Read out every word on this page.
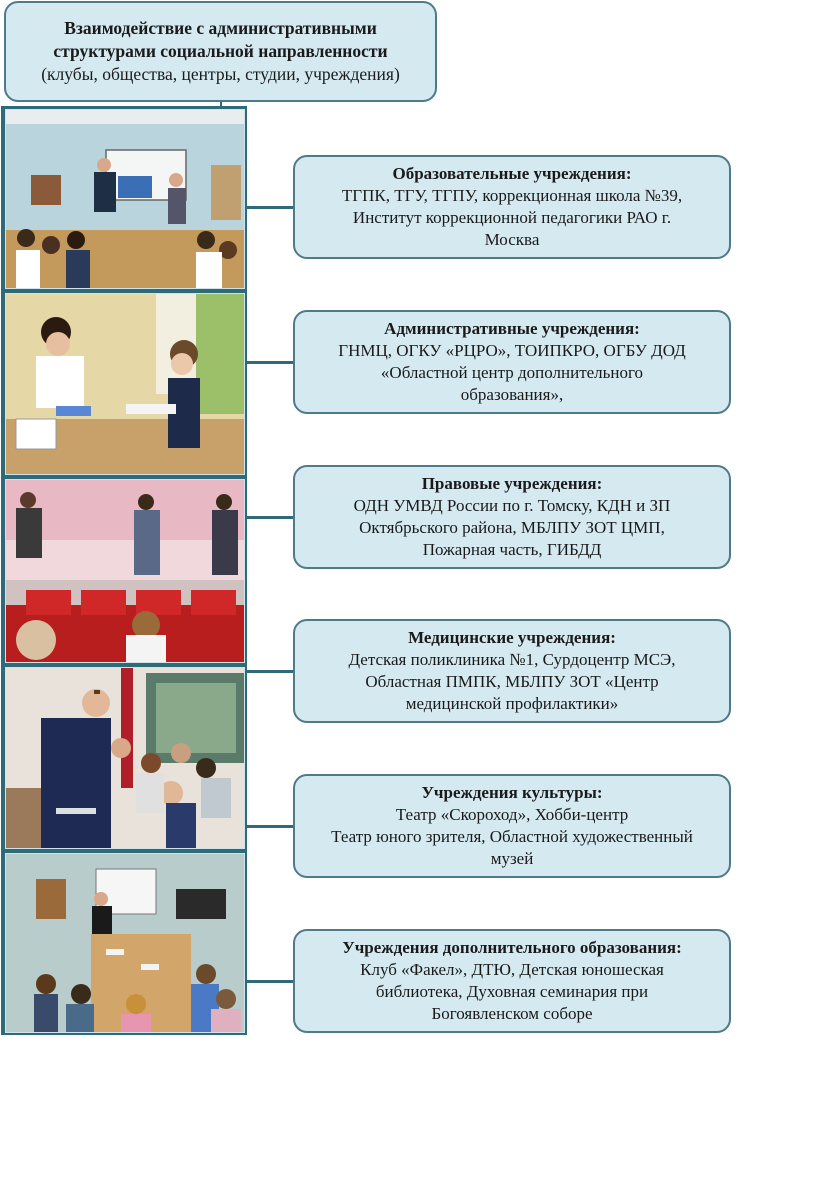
Взаимодействие с административными
структурами социальной направленности
(клубы, общества, центры, студии, учреждения)
Образовательные учреждения:
ТГПК, ТГУ, ТГПУ, коррекционная школа №39,
Институт коррекционной педагогики РАО г.
Москва
Административные учреждения:
ГНМЦ, ОГКУ «РЦРО», ТОИПКРО, ОГБУ ДОД
«Областной центр дополнительного
образования»,
Правовые учреждения:
ОДН УМВД России по г. Томску, КДН и ЗП
Октябрьского района, МБЛПУ ЗОТ ЦМП,
Пожарная часть, ГИБДД
Медицинские учреждения:
Детская поликлиника №1, Сурдоцентр МСЭ,
Областная ПМПК, МБЛПУ ЗОТ «Центр
медицинской профилактики»
Учреждения культуры:
Театр «Скороход», Хобби-центр
Театр юного зрителя, Областной художественный
музей
Учреждения дополнительного образования:
Клуб «Факел», ДТЮ, Детская юношеская
библиотека, Духовная семинария при
Богоявленском соборе
